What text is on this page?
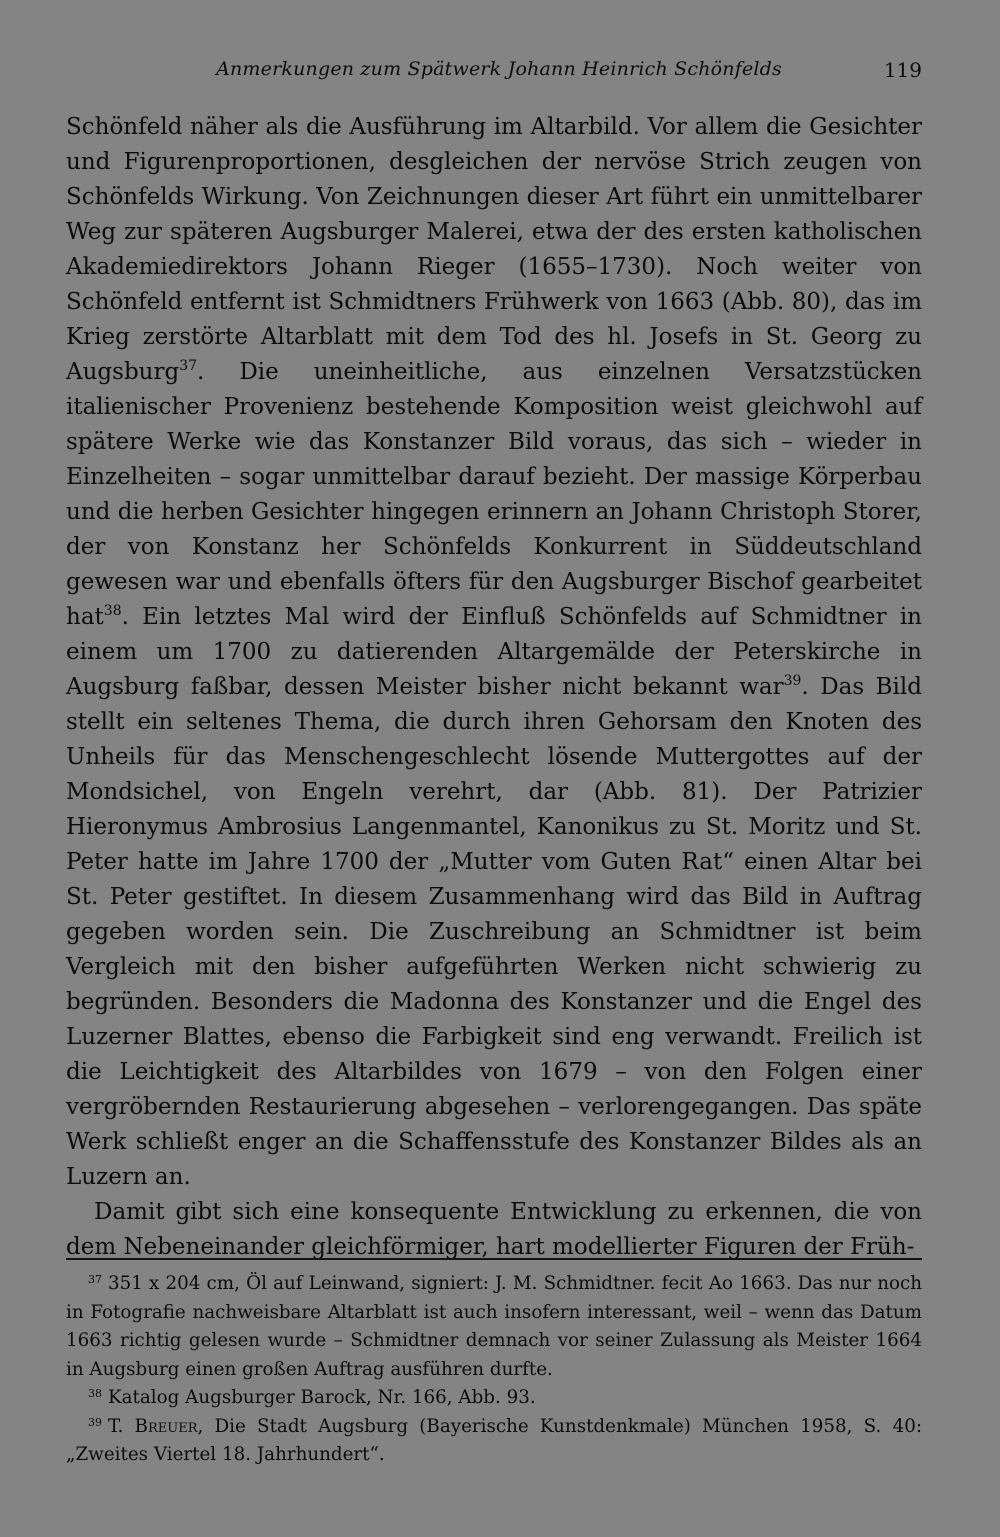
Anmerkungen zum Spätwerk Johann Heinrich Schönfelds	119

Schönfeld näher als die Ausführung im Altarbild. Vor allem die Gesichter und Figurenproportionen, desgleichen der nervöse Strich zeugen von Schönfelds Wirkung. Von Zeichnungen dieser Art führt ein unmittelbarer Weg zur späteren Augsburger Malerei, etwa der des ersten katholischen Akademiedirektors Johann Rieger (1655–1730). Noch weiter von Schönfeld entfernt ist Schmidtners Frühwerk von 1663 (Abb. 80), das im Krieg zerstörte Altarblatt mit dem Tod des hl. Josefs in St. Georg zu Augsburg$^{37}$. Die uneinheitliche, aus einzelnen Versatzstücken italienischer Provenienz bestehende Komposition weist gleichwohl auf spätere Werke wie das Konstanzer Bild voraus, das sich – wieder in Einzelheiten – sogar unmittelbar darauf bezieht. Der massige Körperbau und die herben Gesichter hingegen erinnern an Johann Christoph Storer, der von Konstanz her Schönfelds Konkurrent in Süddeutschland gewesen war und ebenfalls öfters für den Augsburger Bischof gearbeitet hat$^{38}$. Ein letztes Mal wird der Einfluß Schönfelds auf Schmidtner in einem um 1700 zu datierenden Altargemälde der Peterskirche in Augsburg faßbar, dessen Meister bisher nicht bekannt war$^{39}$. Das Bild stellt ein seltenes Thema, die durch ihren Gehorsam den Knoten des Unheils für das Menschengeschlecht lösende Muttergottes auf der Mondsichel, von Engeln verehrt, dar (Abb. 81). Der Patrizier Hieronymus Ambrosius Langenmantel, Kanonikus zu St. Moritz und St. Peter hatte im Jahre 1700 der „Mutter vom Guten Rat“ einen Altar bei St. Peter gestiftet. In diesem Zusammenhang wird das Bild in Auftrag gegeben worden sein. Die Zuschreibung an Schmidtner ist beim Vergleich mit den bisher aufgeführten Werken nicht schwierig zu begründen. Besonders die Madonna des Konstanzer und die Engel des Luzerner Blattes, ebenso die Farbigkeit sind eng verwandt. Freilich ist die Leichtigkeit des Altarbildes von 1679 – von den Folgen einer vergröbernden Restaurierung abgesehen – verlorengegangen. Das späte Werk schließt enger an die Schaffensstufe des Konstanzer Bildes als an Luzern an.

Damit gibt sich eine konsequente Entwicklung zu erkennen, die von dem Nebeneinander gleichförmiger, hart modellierter Figuren der Früh-

$^{37}$ 351 x 204 cm, Öl auf Leinwand, signiert: J. M. Schmidtner. fecit Ao 1663. Das nur noch in Fotografie nachweisbare Altarblatt ist auch insofern interessant, weil – wenn das Datum 1663 richtig gelesen wurde – Schmidtner demnach vor seiner Zulassung als Meister 1664 in Augsburg einen großen Auftrag ausführen durfte.

$^{38}$ Katalog Augsburger Barock, Nr. 166, Abb. 93.

$^{39}$ T. Breuer, Die Stadt Augsburg (Bayerische Kunstdenkmale) München 1958, S. 40: „Zweites Viertel 18. Jahrhundert“.
